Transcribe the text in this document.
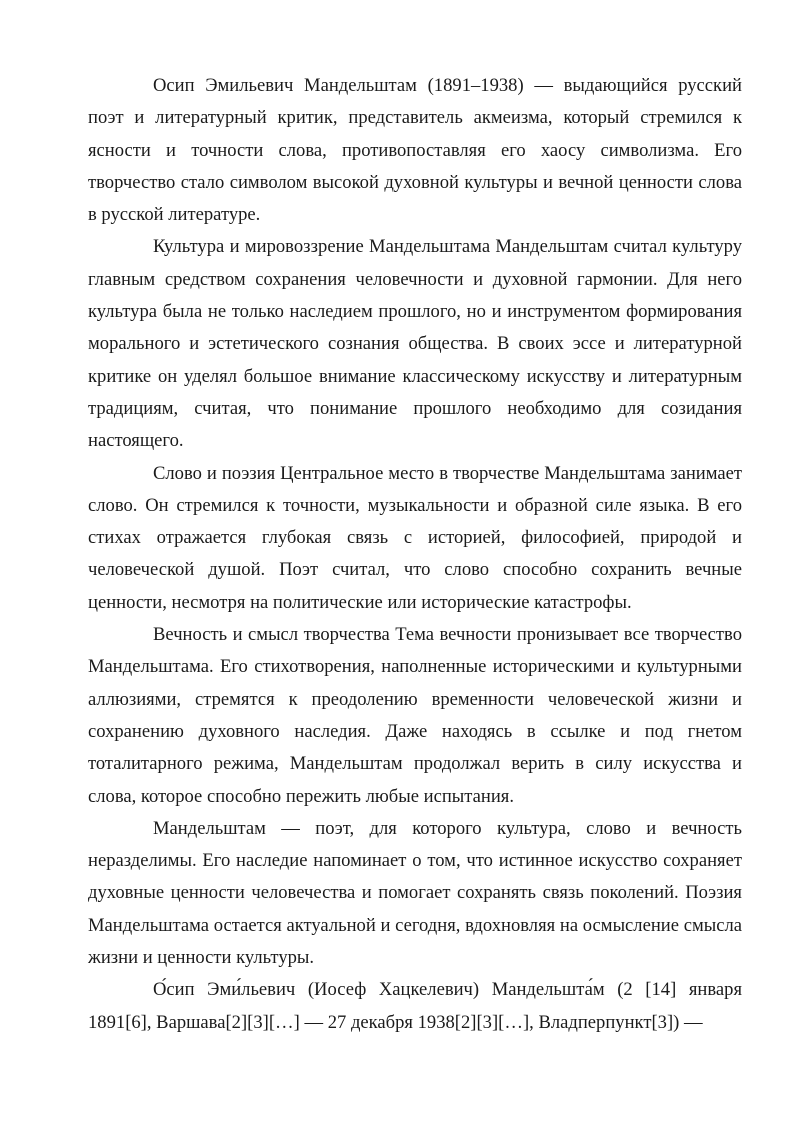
Осип Эмильевич Мандельштам (1891–1938) — выдающийся русский поэт и литературный критик, представитель акмеизма, который стремился к ясности и точности слова, противопоставляя его хаосу символизма. Его творчество стало символом высокой духовной культуры и вечной ценности слова в русской литературе.

Культура и мировоззрение Мандельштама Мандельштам считал культуру главным средством сохранения человечности и духовной гармонии. Для него культура была не только наследием прошлого, но и инструментом формирования морального и эстетического сознания общества. В своих эссе и литературной критике он уделял большое внимание классическому искусству и литературным традициям, считая, что понимание прошлого необходимо для созидания настоящего.

Слово и поэзия Центральное место в творчестве Мандельштама занимает слово. Он стремился к точности, музыкальности и образной силе языка. В его стихах отражается глубокая связь с историей, философией, природой и человеческой душой. Поэт считал, что слово способно сохранить вечные ценности, несмотря на политические или исторические катастрофы.

Вечность и смысл творчества Тема вечности пронизывает все творчество Мандельштама. Его стихотворения, наполненные историческими и культурными аллюзиями, стремятся к преодолению временности человеческой жизни и сохранению духовного наследия. Даже находясь в ссылке и под гнетом тоталитарного режима, Мандельштам продолжал верить в силу искусства и слова, которое способно пережить любые испытания.

Мандельштам — поэт, для которого культура, слово и вечность неразделимы. Его наследие напоминает о том, что истинное искусство сохраняет духовные ценности человечества и помогает сохранять связь поколений. Поэзия Мандельштама остается актуальной и сегодня, вдохновляя на осмысление смысла жизни и ценности культуры.

О́сип Эми́льевич (Иосеф Хацкелевич) Мандельшта́м (2 [14] января 1891[6], Варшава[2][3][…] — 27 декабря 1938[2][3][…], Владперпункт[3]) —
